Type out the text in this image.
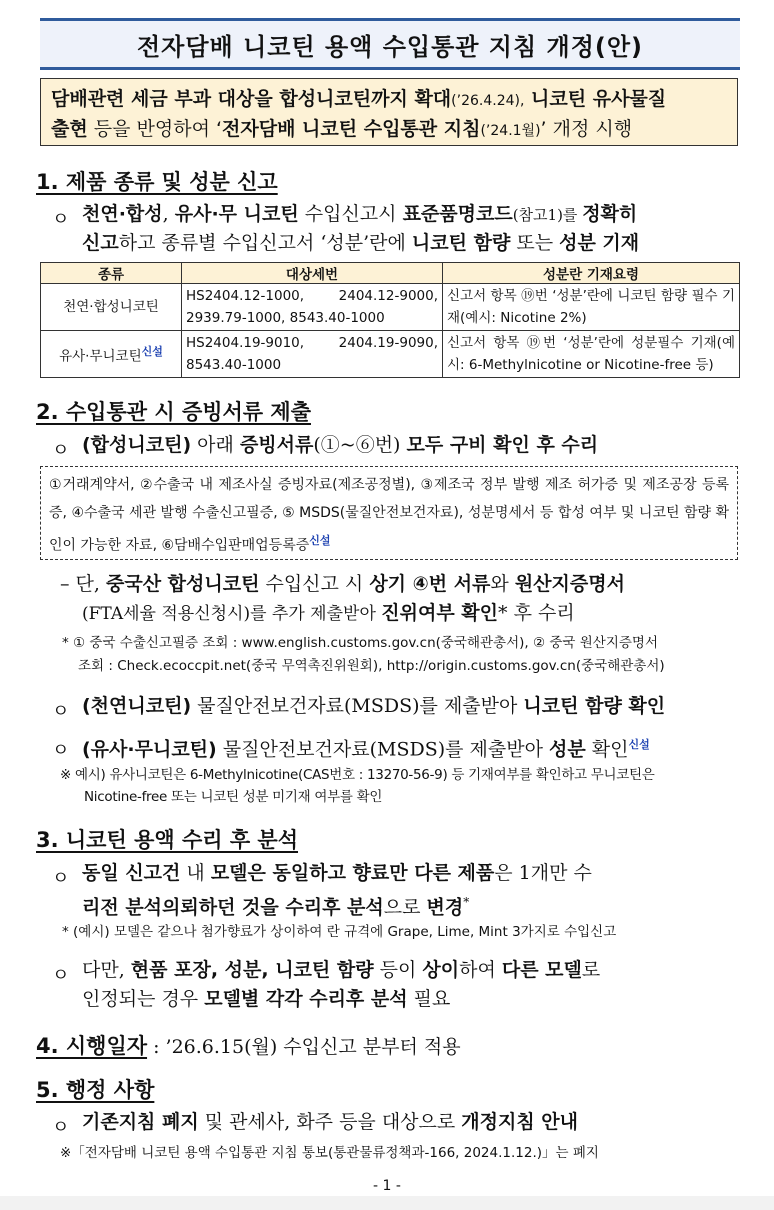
전자담배 니코틴 용액 수입통관 지침 개정(안)
담배관련 세금 부과 대상을 합성니코틴까지 확대(’26.4.24), 니코틴 유사물질
출현 등을 반영하여 ‘전자담배 니코틴 수입통관 지침(’24.1월)’ 개정 시행
1. 제품 종류 및 성분 신고
ㅇ 천연·합성, 유사·무 니코틴 수입신고시 표준품명코드(참고1)를 정확히
신고하고 종류별 수입신고서 ‘성분’란에 니코틴 함량 또는 성분 기재
종류	대상세번	성분란 기재요령
천연·합성니코틴	HS2404.12-1000, 2404.12-9000, 2939.79-1000, 8543.40-1000	신고서 항목 ⑲번 ‘성분’란에 니코틴 함량 필수 기재(예시: Nicotine 2%)
유사·무니코틴$^{신설}$	HS2404.19-9010, 2404.19-9090, 8543.40-1000	신고서 항목 ⑲번 ‘성분’란에 성분필수 기재(예시: 6-Methylnicotine or Nicotine-free 등)
2. 수입통관 시 증빙서류 제출
ㅇ (합성니코틴) 아래 증빙서류(①~⑥번) 모두 구비 확인 후 수리
①거래계약서, ②수출국 내 제조사실 증빙자료(제조공정별), ③제조국 정부 발행 제조 허가증 및 제조공장 등록증, ④수출국 세관 발행 수출신고필증, ⑤ MSDS(물질안전보건자료), 성분명세서 등 합성 여부 및 니코틴 함량 확인이 가능한 자료, ⑥담배수입판매업등록증$^{신설}$
– 단, 중국산 합성니코틴 수입신고 시 상기 ④번 서류와 원산지증명서
(FTA세율 적용신청시)를 추가 제출받아 진위여부 확인* 후 수리
* ① 중국 수출신고필증 조회 : www.english.customs.gov.cn(중국해관총서), ② 중국 원산지증명서
조회 : Check.ecoccpit.net(중국 무역촉진위원회), http://origin.customs.gov.cn(중국해관총서)
ㅇ (천연니코틴) 물질안전보건자료(MSDS)를 제출받아 니코틴 함량 확인
ㅇ (유사·무니코틴) 물질안전보건자료(MSDS)를 제출받아 성분 확인$^{신설}$
※ 예시) 유사니코틴은 6-Methylnicotine(CAS번호 : 13270-56-9) 등 기재여부를 확인하고 무니코틴은
Nicotine-free 또는 니코틴 성분 미기재 여부를 확인
3. 니코틴 용액 수리 후 분석
ㅇ 동일 신고건 내 모델은 동일하고 향료만 다른 제품은 1개만 수
리전 분석의뢰하던 것을 수리후 분석으로 변경*
* (예시) 모델은 같으나 첨가향료가 상이하여 란 규격에 Grape, Lime, Mint 3가지로 수입신고
ㅇ 다만, 현품 포장, 성분, 니코틴 함량 등이 상이하여 다른 모델로
인정되는 경우 모델별 각각 수리후 분석 필요
4. 시행일자 : ’26.6.15(월) 수입신고 분부터 적용
5. 행정 사항
ㅇ 기존지침 폐지 및 관세사, 화주 등을 대상으로 개정지침 안내
※「전자담배 니코틴 용액 수입통관 지침 통보(통관물류정책과-166, 2024.1.12.)」는 폐지
- 1 -
